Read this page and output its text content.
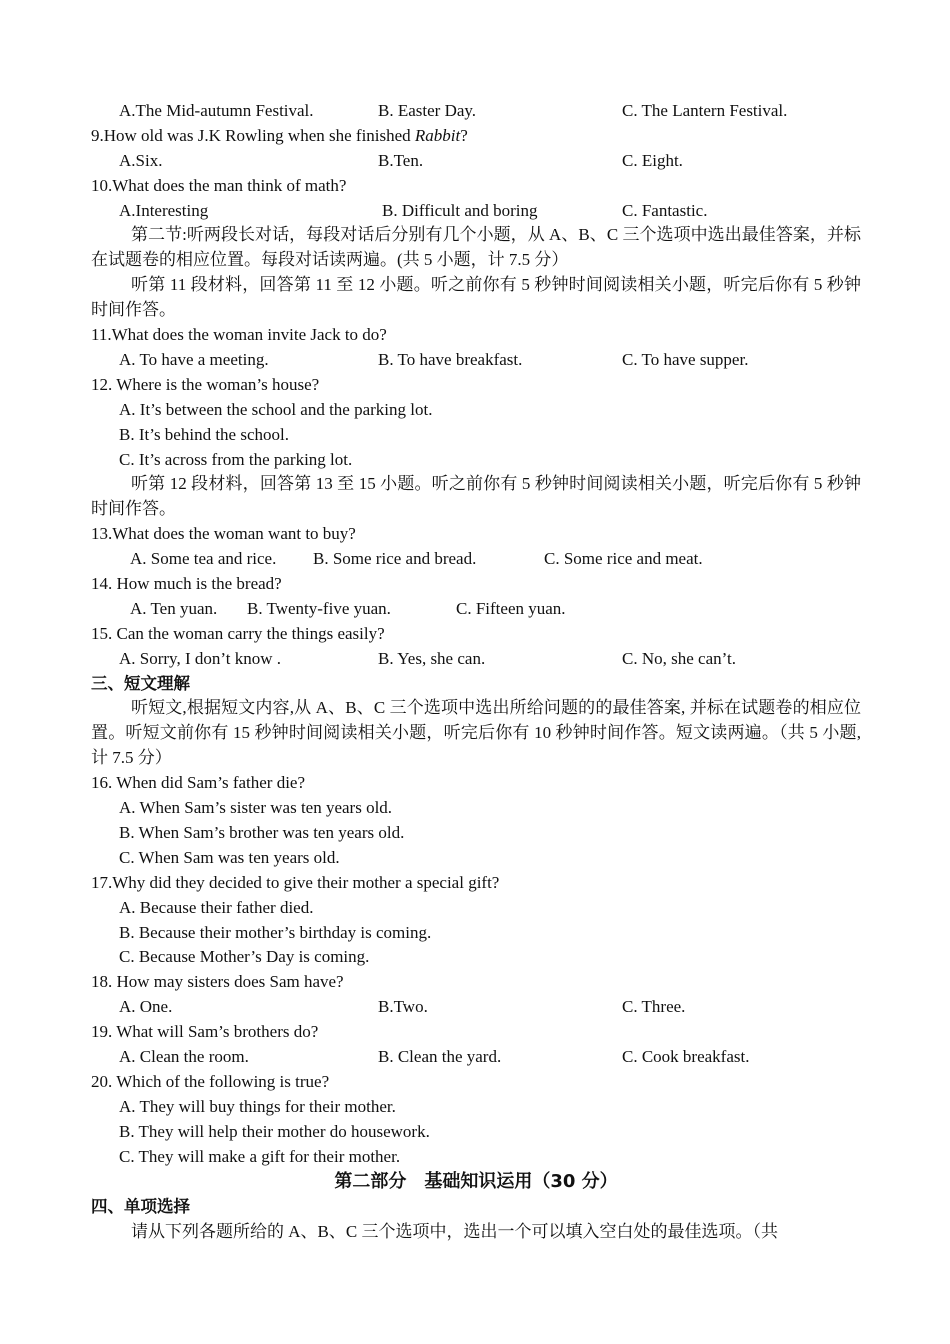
A.The Mid-autumn Festival.	B. Easter Day.	C. The Lantern Festival.
9.How old was J.K Rowling when she finished Rabbit?
A.Six.	B.Ten.	C. Eight.
10.What does the man think of math?
A.Interesting	B. Difficult and boring	C. Fantastic.
第二节:听两段长对话，每段对话后分别有几个小题，从 A、B、C 三个选项中选出最佳答案，并标在试题卷的相应位置。每段对话读两遍。(共 5 小题，计 7.5 分）
听第 11 段材料，回答第 11 至 12 小题。听之前你有 5 秒钟时间阅读相关小题，听完后你有 5 秒钟时间作答。
11.What does the woman invite Jack to do?
A. To have a meeting.	B. To have breakfast.	C. To have supper.
12. Where is the woman’s house?
A. It’s between the school and the parking lot.
B. It’s behind the school.
C. It’s across from the parking lot.
听第 12 段材料，回答第 13 至 15 小题。听之前你有 5 秒钟时间阅读相关小题，听完后你有 5 秒钟时间作答。
13.What does the woman want to buy?
A. Some tea and rice. B. Some rice and bread.	C. Some rice and meat.
14. How much is the bread?
A. Ten yuan. B. Twenty-five yuan.	C. Fifteen yuan.
15. Can the woman carry the things easily?
A. Sorry, I don’t know .	B. Yes, she can.	C. No, she can’t.
三、短文理解
听短文,根据短文内容,从 A、B、C 三个选项中选出所给问题的的最佳答案, 并标在试题卷的相应位置。听短文前你有 15 秒钟时间阅读相关小题，听完后你有 10 秒钟时间作答。短文读两遍。（共 5 小题,计 7.5 分）
16. When did Sam’s father die?
A. When Sam’s sister was ten years old.
B. When Sam’s brother was ten years old.
C. When Sam was ten years old.
17.Why did they decided to give their mother a special gift?
A. Because their father died.
B. Because their mother’s birthday is coming.
C. Because Mother’s Day is coming.
18. How may sisters does Sam have?
A. One.	B.Two.	C. Three.
19. What will Sam’s brothers do?
A. Clean the room.	B. Clean the yard.	C. Cook breakfast.
20. Which of the following is true?
A. They will buy things for their mother.
B. They will help their mother do housework.
C. They will make a gift for their mother.
第二部分　基础知识运用（30 分）
四、单项选择
请从下列各题所给的 A、B、C 三个选项中，选出一个可以填入空白处的最佳选项。（共
